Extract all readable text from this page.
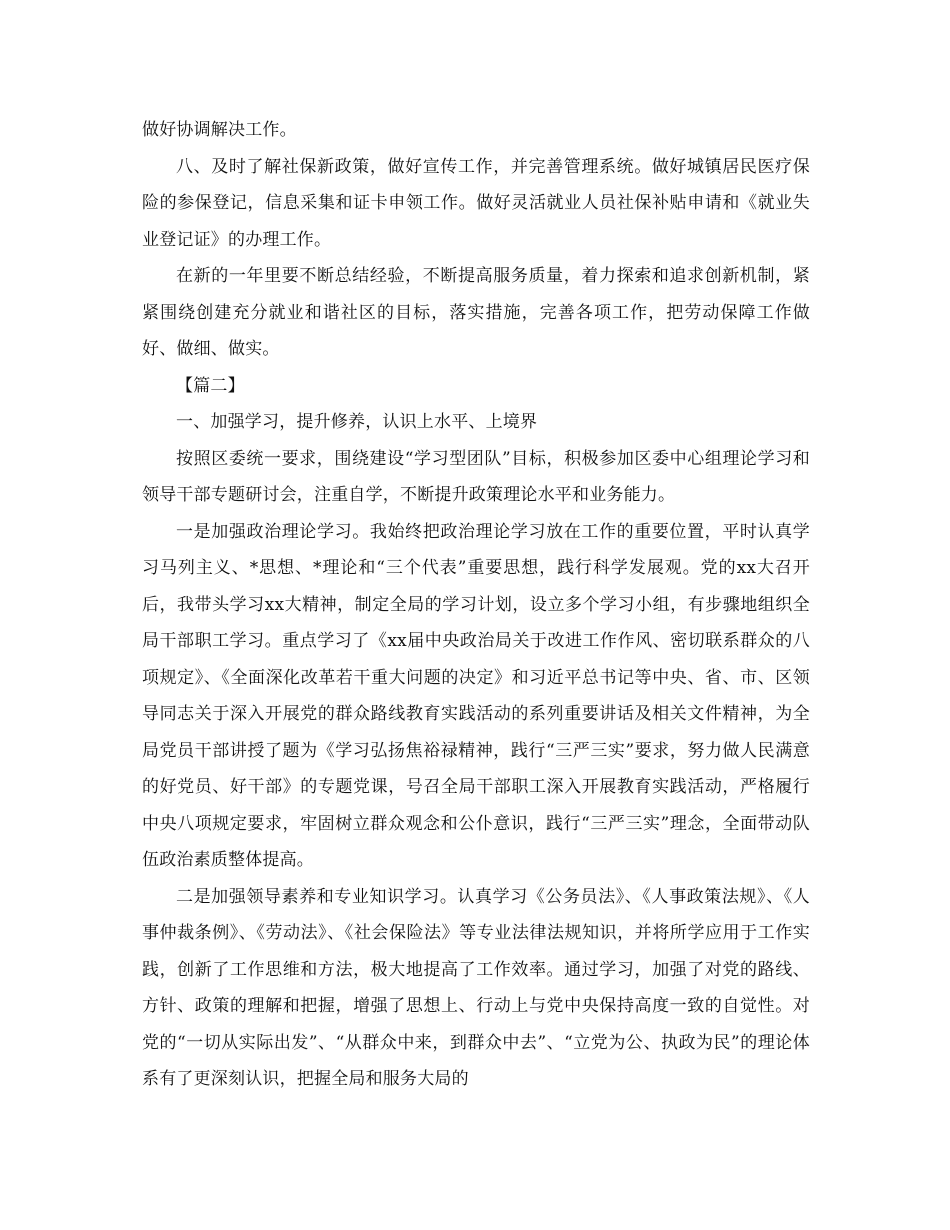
做好协调解决工作。

八、及时了解社保新政策，做好宣传工作，并完善管理系统。做好城镇居民医疗保险的参保登记，信息采集和证卡申领工作。做好灵活就业人员社保补贴申请和《就业失业登记证》的办理工作。

在新的一年里要不断总结经验，不断提高服务质量，着力探索和追求创新机制，紧紧围绕创建充分就业和谐社区的目标，落实措施，完善各项工作，把劳动保障工作做好、做细、做实。

【篇二】

一、加强学习，提升修养，认识上水平、上境界

按照区委统一要求，围绕建设“学习型团队”目标，积极参加区委中心组理论学习和领导干部专题研讨会，注重自学，不断提升政策理论水平和业务能力。

一是加强政治理论学习。我始终把政治理论学习放在工作的重要位置，平时认真学习马列主义、*思想、*理论和“三个代表”重要思想，践行科学发展观。党的xx大召开后，我带头学习xx大精神，制定全局的学习计划，设立多个学习小组，有步骤地组织全局干部职工学习。重点学习了《xx届中央政治局关于改进工作作风、密切联系群众的八项规定》、《全面深化改革若干重大问题的决定》和习近平总书记等中央、省、市、区领导同志关于深入开展党的群众路线教育实践活动的系列重要讲话及相关文件精神，为全局党员干部讲授了题为《学习弘扬焦裕禄精神，践行“三严三实”要求，努力做人民满意的好党员、好干部》的专题党课，号召全局干部职工深入开展教育实践活动，严格履行中央八项规定要求，牢固树立群众观念和公仆意识，践行“三严三实”理念，全面带动队伍政治素质整体提高。

二是加强领导素养和专业知识学习。认真学习《公务员法》、《人事政策法规》、《人事仲裁条例》、《劳动法》、《社会保险法》等专业法律法规知识，并将所学应用于工作实践，创新了工作思维和方法，极大地提高了工作效率。通过学习，加强了对党的路线、方针、政策的理解和把握，增强了思想上、行动上与党中央保持高度一致的自觉性。对党的“一切从实际出发”、“从群众中来，到群众中去”、“立党为公、执政为民”的理论体系有了更深刻认识，把握全局和服务大局的
